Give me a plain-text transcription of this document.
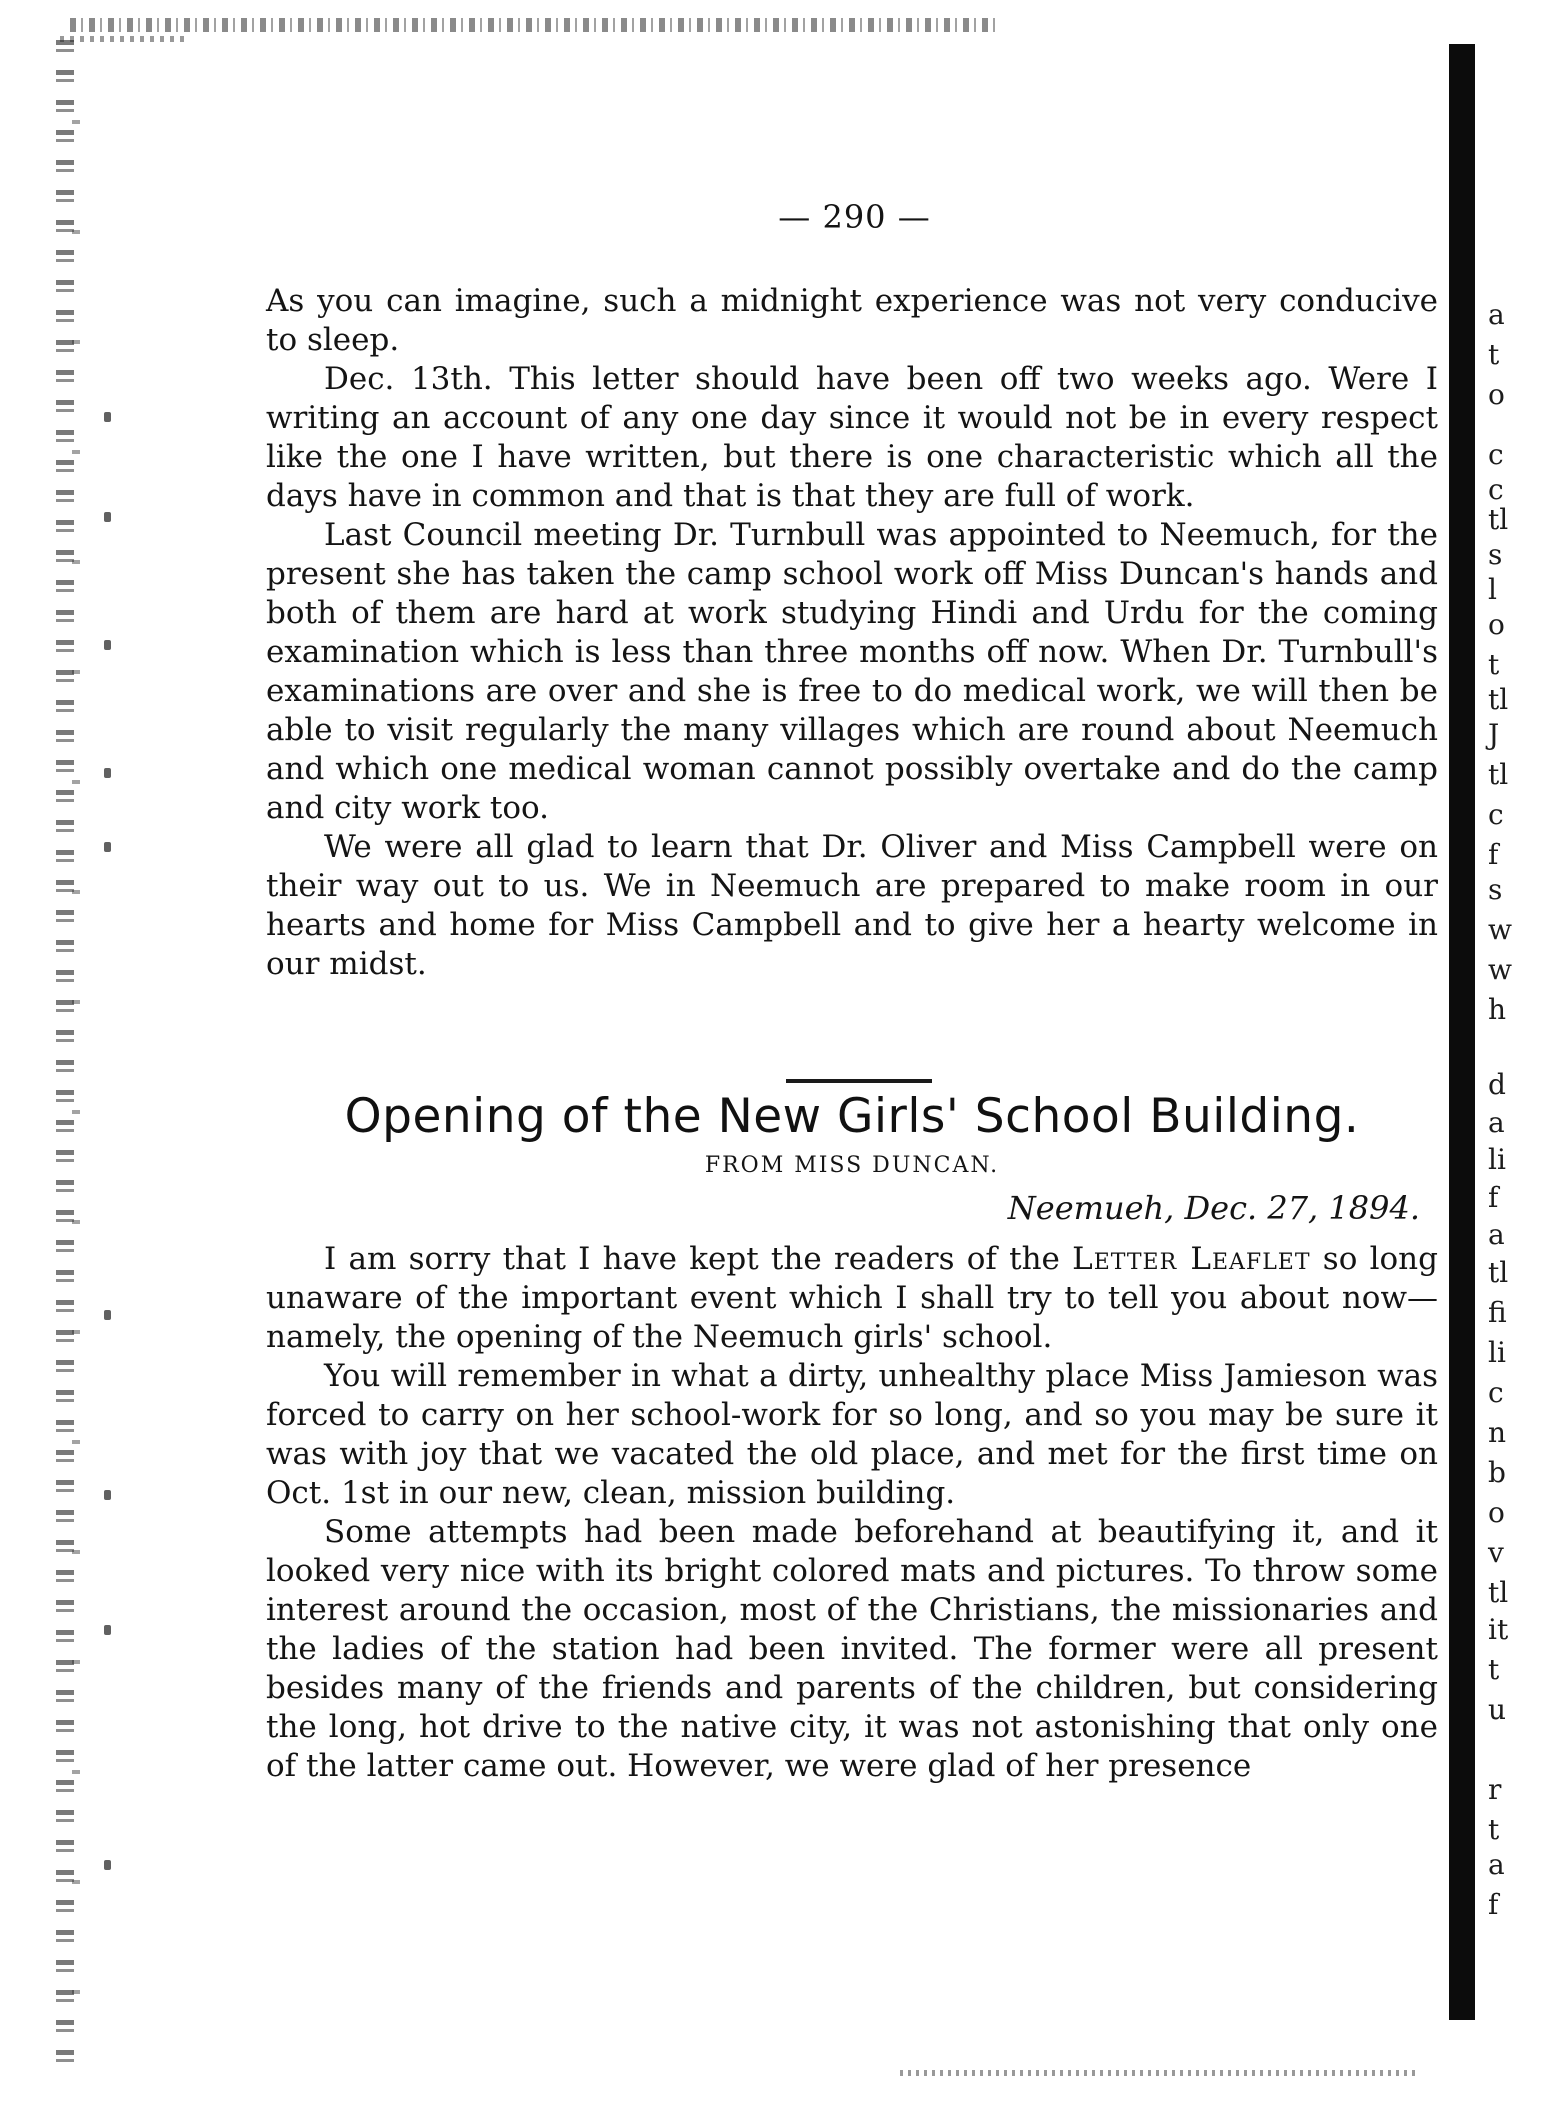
a
t
o
c
c
tl
s
l
o
t
tl
J
tl
c
f
s
w
w
h
d
a
li
f
a
tl
fi
li
c
n
b
o
v
tl
it
t
u
r
t
a
f
— 290 —

As you can imagine, such a midnight experience was not very conducive to sleep.

Dec. 13th. This letter should have been off two weeks ago. Were I writing an account of any one day since it would not be in every respect like the one I have written, but there is one characteristic which all the days have in common and that is that they are full of work.

Last Council meeting Dr. Turnbull was appointed to Neemuch, for the present she has taken the camp school work off Miss Duncan's hands and both of them are hard at work studying Hindi and Urdu for the coming examination which is less than three months off now. When Dr. Turnbull's examinations are over and she is free to do medical work, we will then be able to visit regularly the many villages which are round about Neemuch and which one medical woman cannot possibly overtake and do the camp and city work too.

We were all glad to learn that Dr. Oliver and Miss Campbell were on their way out to us. We in Neemuch are prepared to make room in our hearts and home for Miss Campbell and to give her a hearty welcome in our midst.

Opening of the New Girls' School Building.
FROM MISS DUNCAN.
Neemueh, Dec. 27, 1894.

I am sorry that I have kept the readers of the Letter Leaflet so long unaware of the important event which I shall try to tell you about now—namely, the opening of the Neemuch girls' school.

You will remember in what a dirty, unhealthy place Miss Jamieson was forced to carry on her school-work for so long, and so you may be sure it was with joy that we vacated the old place, and met for the first time on Oct. 1st in our new, clean, mission building.

Some attempts had been made beforehand at beautifying it, and it looked very nice with its bright colored mats and pictures. To throw some interest around the occasion, most of the Christians, the missionaries and the ladies of the station had been invited. The former were all present besides many of the friends and parents of the children, but considering the long, hot drive to the native city, it was not astonishing that only one of the latter came out. However, we were glad of her presence
